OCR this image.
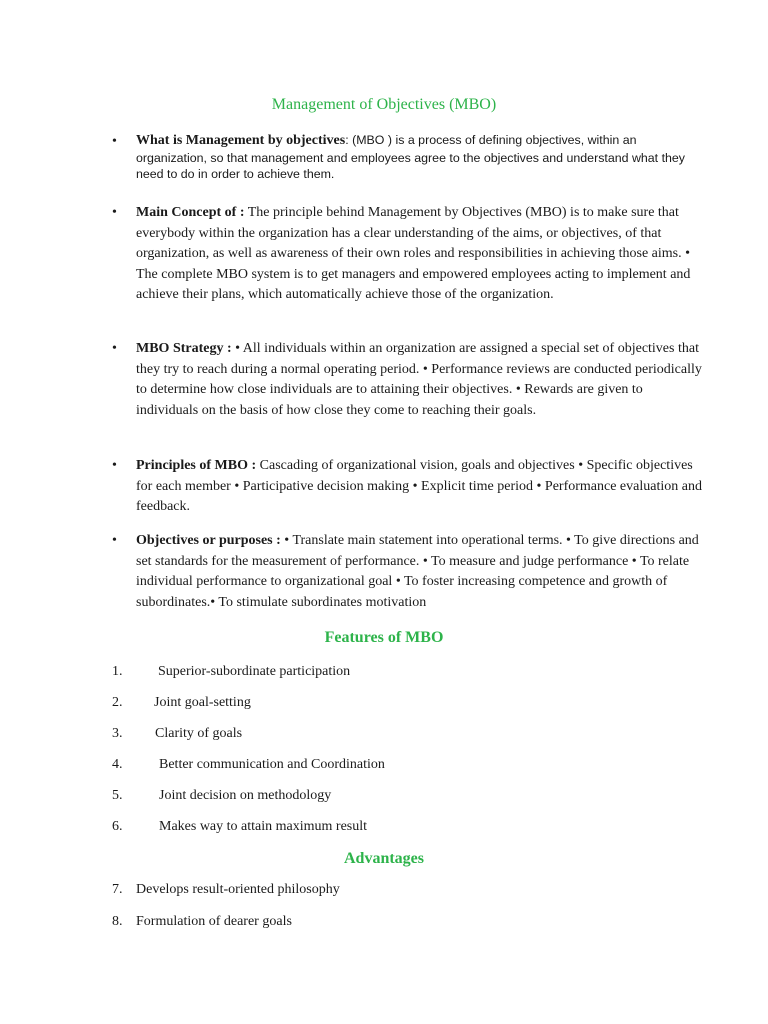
Management of Objectives (MBO)
• What is Management by objectives: (MBO ) is a process of defining objectives, within an organization, so that management and employees agree to the objectives and understand what they need to do in order to achieve them.
• Main Concept of : The principle behind Management by Objectives (MBO) is to make sure that everybody within the organization has a clear understanding of the aims, or objectives, of that organization, as well as awareness of their own roles and responsibilities in achieving those aims. • The complete MBO system is to get managers and empowered employees acting to implement and achieve their plans, which automatically achieve those of the organization.
• MBO Strategy : • All individuals within an organization are assigned a special set of objectives that they try to reach during a normal operating period. • Performance reviews are conducted periodically to determine how close individuals are to attaining their objectives. • Rewards are given to individuals on the basis of how close they come to reaching their goals.
• Principles of MBO : Cascading of organizational vision, goals and objectives • Specific objectives for each member • Participative decision making • Explicit time period • Performance evaluation and feedback.
• Objectives or purposes : • Translate main statement into operational terms. • To give directions and set standards for the measurement of performance. • To measure and judge performance • To relate individual performance to organizational goal • To foster increasing competence and growth of subordinates.• To stimulate subordinates motivation
Features of MBO
1.	Superior-subordinate participation
2. Joint goal-setting
3. Clarity of goals
4.	Better communication and Coordination
5.	Joint decision on methodology
6.	Makes way to attain maximum result
Advantages
7. Develops result-oriented philosophy
8. Formulation of dearer goals
